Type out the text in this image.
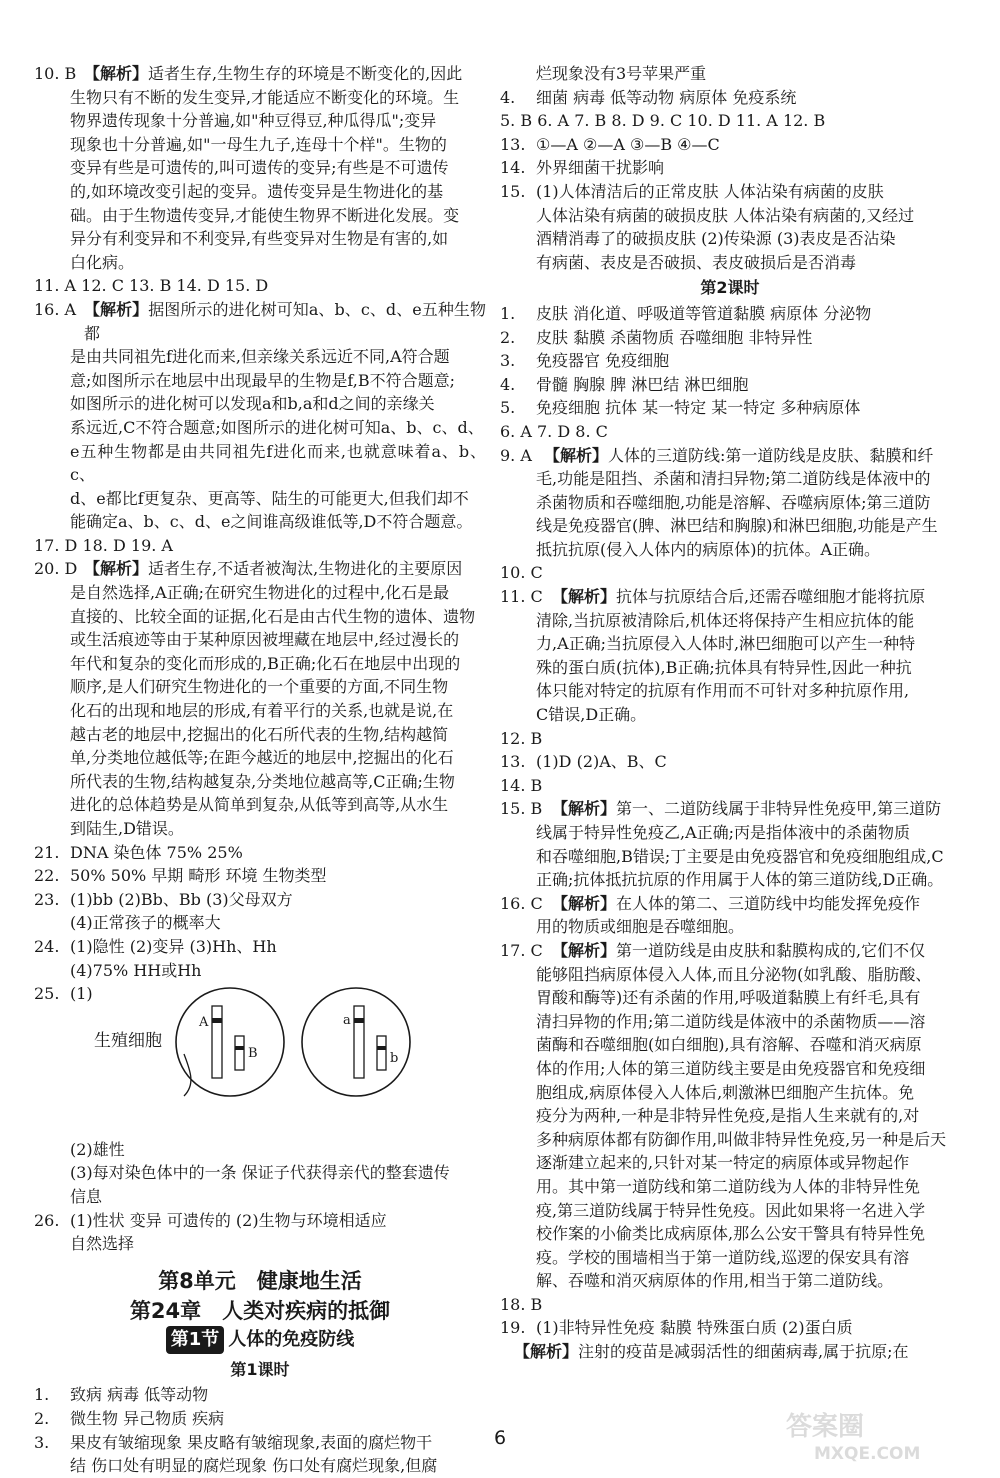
10. B 【解析】适者生存,生物生存的环境是不断变化的,因此
生物只有不断的发生变异,才能适应不断变化的环境。生
物界遗传现象十分普遍,如"种豆得豆,种瓜得瓜";变异
现象也十分普遍,如"一母生九子,连母十个样"。生物的
变异有些是可遗传的,叫可遗传的变异;有些是不可遗传
的,如环境改变引起的变异。遗传变异是生物进化的基
础。由于生物遗传变异,才能使生物界不断进化发展。变
异分有利变异和不利变异,有些变异对生物是有害的,如
白化病。
11. A 12. C 13. B 14. D 15. D
16. A 【解析】据图所示的进化树可知a、b、c、d、e五种生物都
是由共同祖先f进化而来,但亲缘关系远近不同,A符合题
意;如图所示在地层中出现最早的生物是f,B不符合题意;
如图所示的进化树可以发现a和b,a和d之间的亲缘关
系远近,C不符合题意;如图所示的进化树可知a、b、c、d、
e五种生物都是由共同祖先f进化而来,也就意味着a、b、c、
d、e都比f更复杂、更高等、陆生的可能更大,但我们却不
能确定a、b、c、d、e之间谁高级谁低等,D不符合题意。
17. D 18. D 19. A
20. D 【解析】适者生存,不适者被淘汰,生物进化的主要原因
是自然选择,A正确;在研究生物进化的过程中,化石是最
直接的、比较全面的证据,化石是由古代生物的遗体、遗物
或生活痕迹等由于某种原因被埋藏在地层中,经过漫长的
年代和复杂的变化而形成的,B正确;化石在地层中出现的
顺序,是人们研究生物进化的一个重要的方面,不同生物
化石的出现和地层的形成,有着平行的关系,也就是说,在
越古老的地层中,挖掘出的化石所代表的生物,结构越简
单,分类地位越低等;在距今越近的地层中,挖掘出的化石
所代表的生物,结构越复杂,分类地位越高等,C正确;生物
进化的总体趋势是从简单到复杂,从低等到高等,从水生
到陆生,D错误。
21. DNA 染色体 75% 25%
22. 50% 50% 早期 畸形 环境 生物类型
23. (1)bb (2)Bb、Bb (3)父母双方
(4)正常孩子的概率大
24. (1)隐性 (2)变异 (3)Hh、Hh
(4)75% HH或Hh
25. (1)
生殖细胞
A
B
a
b
(2)雄性
(3)每对染色体中的一条 保证子代获得亲代的整套遗传
信息
26. (1)性状 变异 可遗传的 (2)生物与环境相适应
自然选择
第8单元　健康地生活
第24章　人类对疾病的抵御
第1节 人体的免疫防线
第1课时
1.	致病 病毒 低等动物
2.	微生物 异己物质 疾病
3.	果皮有皱缩现象 果皮略有皱缩现象,表面的腐烂物干
结 伤口处有明显的腐烂现象 伤口处有腐烂现象,但腐
烂现象没有3号苹果严重
4.	细菌 病毒 低等动物 病原体 免疫系统
5. B 6. A 7. B 8. D 9. C 10. D 11. A 12. B
13. ①—A ②—A ③—B ④—C
14. 外界细菌干扰影响
15. (1)人体清洁后的正常皮肤 人体沾染有病菌的皮肤
人体沾染有病菌的破损皮肤 人体沾染有病菌的,又经过
酒精消毒了的破损皮肤 (2)传染源 (3)表皮是否沾染
有病菌、表皮是否破损、表皮破损后是否消毒
第2课时
1.	皮肤 消化道、呼吸道等管道黏膜 病原体 分泌物
2.	皮肤 黏膜 杀菌物质 吞噬细胞 非特异性
3.	免疫器官 免疫细胞
4.	骨髓 胸腺 脾 淋巴结 淋巴细胞
5.	免疫细胞 抗体 某一特定 某一特定 多种病原体
6. A 7. D 8. C
9. A 【解析】人体的三道防线:第一道防线是皮肤、黏膜和纤
毛,功能是阻挡、杀菌和清扫异物;第二道防线是体液中的
杀菌物质和吞噬细胞,功能是溶解、吞噬病原体;第三道防
线是免疫器官(脾、淋巴结和胸腺)和淋巴细胞,功能是产生
抵抗抗原(侵入人体内的病原体)的抗体。A正确。
10. C
11. C 【解析】抗体与抗原结合后,还需吞噬细胞才能将抗原
清除,当抗原被清除后,机体还将保持产生相应抗体的能
力,A正确;当抗原侵入人体时,淋巴细胞可以产生一种特
殊的蛋白质(抗体),B正确;抗体具有特异性,因此一种抗
体只能对特定的抗原有作用而不可针对多种抗原作用,
C错误,D正确。
12. B
13. (1)D (2)A、B、C
14. B
15. B 【解析】第一、二道防线属于非特异性免疫甲,第三道防
线属于特异性免疫乙,A正确;丙是指体液中的杀菌物质
和吞噬细胞,B错误;丁主要是由免疫器官和免疫细胞组成,C
正确;抗体抵抗抗原的作用属于人体的第三道防线,D正确。
16. C 【解析】在人体的第二、三道防线中均能发挥免疫作
用的物质或细胞是吞噬细胞。
17. C 【解析】第一道防线是由皮肤和黏膜构成的,它们不仅
能够阻挡病原体侵入人体,而且分泌物(如乳酸、脂肪酸、
胃酸和酶等)还有杀菌的作用,呼吸道黏膜上有纤毛,具有
清扫异物的作用;第二道防线是体液中的杀菌物质——溶
菌酶和吞噬细胞(如白细胞),具有溶解、吞噬和消灭病原
体的作用;人体的第三道防线主要是由免疫器官和免疫细
胞组成,病原体侵入人体后,刺激淋巴细胞产生抗体。免
疫分为两种,一种是非特异性免疫,是指人生来就有的,对
多种病原体都有防御作用,叫做非特异性免疫,另一种是后天
逐渐建立起来的,只针对某一特定的病原体或异物起作
用。其中第一道防线和第二道防线为人体的非特异性免
疫,第三道防线属于特异性免疫。因此如果将一名进入学
校作案的小偷类比成病原体,那么公安干警具有特异性免
疫。学校的围墙相当于第一道防线,巡逻的保安具有溶
解、吞噬和消灭病原体的作用,相当于第二道防线。
18. B
19. (1)非特异性免疫 黏膜 特殊蛋白质 (2)蛋白质
【解析】注射的疫苗是减弱活性的细菌病毒,属于抗原;在
6	答案圈
MXQE.COM
